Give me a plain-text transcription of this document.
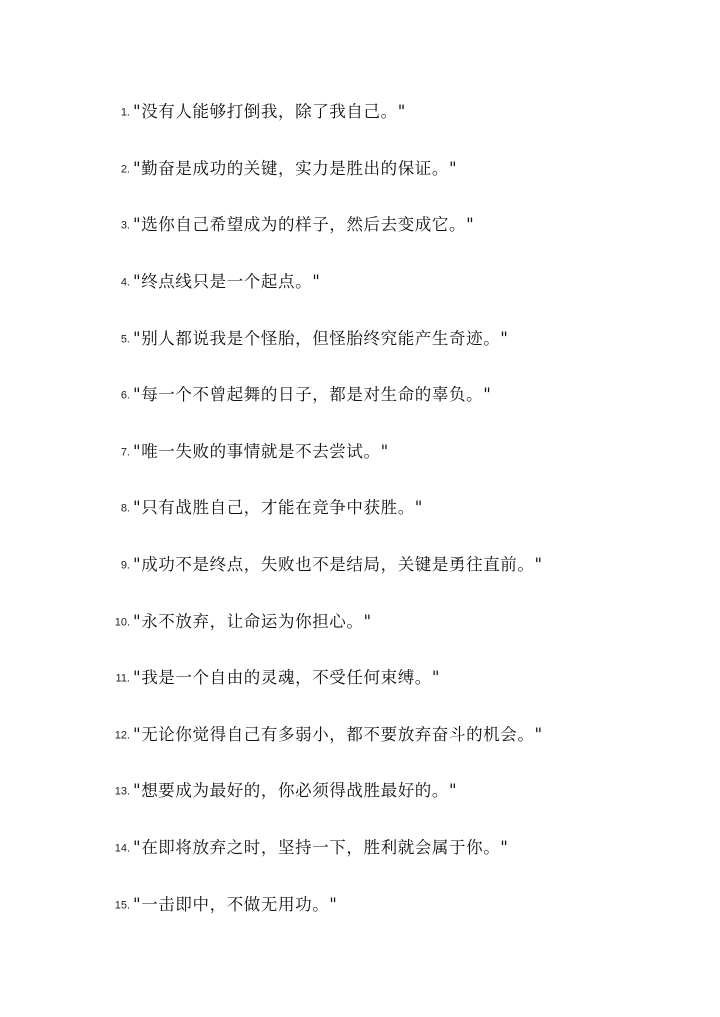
1. "没有人能够打倒我，除了我自己。"
2. "勤奋是成功的关键，实力是胜出的保证。"
3. "选你自己希望成为的样子，然后去变成它。"
4. "终点线只是一个起点。"
5. "别人都说我是个怪胎，但怪胎终究能产生奇迹。"
6. "每一个不曾起舞的日子，都是对生命的辜负。"
7. "唯一失败的事情就是不去尝试。"
8. "只有战胜自己，才能在竞争中获胜。"
9. "成功不是终点，失败也不是结局，关键是勇往直前。"
10. "永不放弃，让命运为你担心。"
11. "我是一个自由的灵魂，不受任何束缚。"
12. "无论你觉得自己有多弱小，都不要放弃奋斗的机会。"
13. "想要成为最好的，你必须得战胜最好的。"
14. "在即将放弃之时，坚持一下，胜利就会属于你。"
15. "一击即中，不做无用功。"
